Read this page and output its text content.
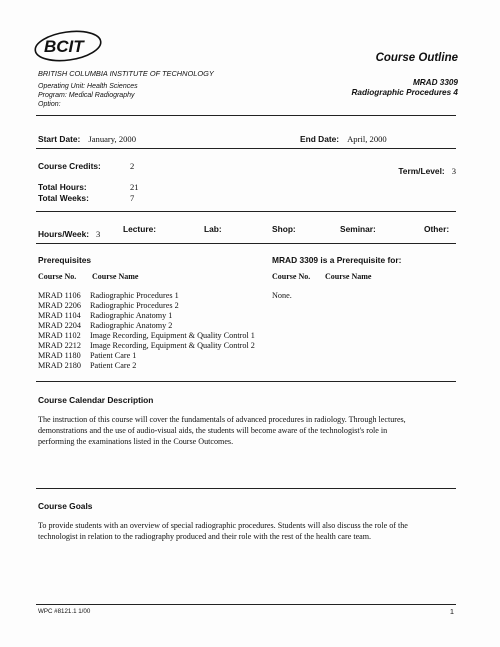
BCIT
BRITISH COLUMBIA INSTITUTE OF TECHNOLOGY
Operating Unit: Health Sciences
Program: Medical Radiography
Option:
Course Outline
MRAD 3309
Radiographic Procedures 4
Start Date: January, 2000	End Date: April, 2000
Course Credits:	2	Term/Level: 3
Total Hours:	21
Total Weeks:	7
Hours/Week: 3	Lecture:	Lab:	Shop:	Seminar:	Other:
Prerequisites
Course No. Course Name
MRAD 1106 Radiographic Procedures 1
MRAD 2206 Radiographic Procedures 2
MRAD 1104 Radiographic Anatomy 1
MRAD 2204 Radiographic Anatomy 2
MRAD 1102 Image Recording, Equipment & Quality Control 1
MRAD 2212 Image Recording, Equipment & Quality Control 2
MRAD 1180 Patient Care 1
MRAD 2180 Patient Care 2
MRAD 3309 is a Prerequisite for:
Course No. Course Name
None.
Course Calendar Description
The instruction of this course will cover the fundamentals of advanced procedures in radiology. Through lectures,
demonstrations and the use of audio-visual aids, the students will become aware of the technologist's role in
performing the examinations listed in the Course Outcomes.
Course Goals
To provide students with an overview of special radiographic procedures. Students will also discuss the role of the
technologist in relation to the radiography produced and their role with the rest of the health care team.
WPC #8121.1 1/00	1
